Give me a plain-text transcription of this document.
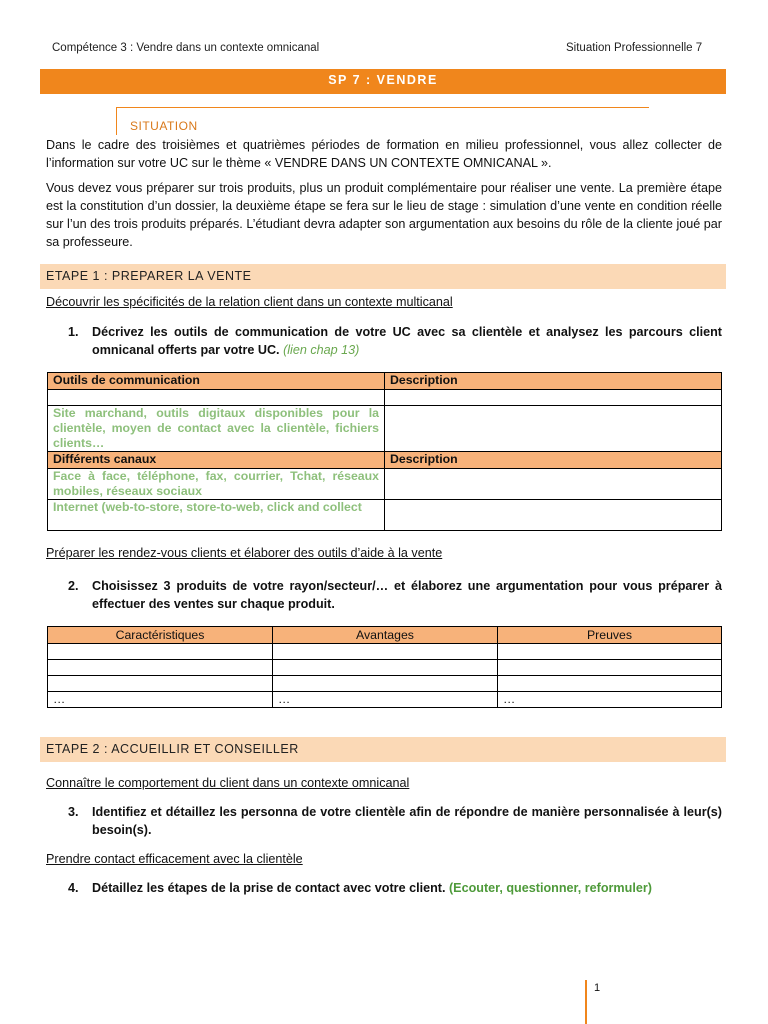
Compétence 3 : Vendre dans un contexte omnicanal	Situation Professionnelle 7
SP 7 : VENDRE
SITUATION
Dans le cadre des troisièmes et quatrièmes périodes de formation en milieu professionnel, vous allez collecter de l’information sur votre UC sur le thème « VENDRE DANS UN CONTEXTE OMNICANAL ».
Vous devez vous préparer sur trois produits, plus un produit complémentaire pour réaliser une vente. La première étape est la constitution d’un dossier, la deuxième étape se fera sur le lieu de stage : simulation d’une vente en condition réelle sur l’un des trois produits préparés. L’étudiant devra adapter son argumentation aux besoins du rôle de la cliente joué par sa professeure.
ETAPE 1 : PREPARER LA VENTE
Découvrir les spécificités de la relation client dans un contexte multicanal
1. Décrivez les outils de communication de votre UC avec sa clientèle et analysez les parcours client omnicanal offerts par votre UC. (lien chap 13)
Outils de communication	Description

Site marchand, outils digitaux disponibles pour la clientèle, moyen de contact avec la clientèle, fichiers clients…	
Différents canaux	Description
Face à face, téléphone, fax, courrier, Tchat, réseaux mobiles, réseaux sociaux	
Internet (web-to-store, store-to-web, click and collect	
Préparer les rendez-vous clients et élaborer des outils d’aide à la vente
2. Choisissez 3 produits de votre rayon/secteur/… et élaborez une argumentation pour vous préparer à effectuer des ventes sur chaque produit.
Caractéristiques	Avantages	Preuves

…	…	…
ETAPE 2 : ACCUEILLIR ET CONSEILLER
Connaître le comportement du client dans un contexte omnicanal
3. Identifiez et détaillez les personna de votre clientèle afin de répondre de manière personnalisée à leur(s) besoin(s).
Prendre contact efficacement avec la clientèle
4. Détaillez les étapes de la prise de contact avec votre client. (Ecouter, questionner, reformuler)
1
